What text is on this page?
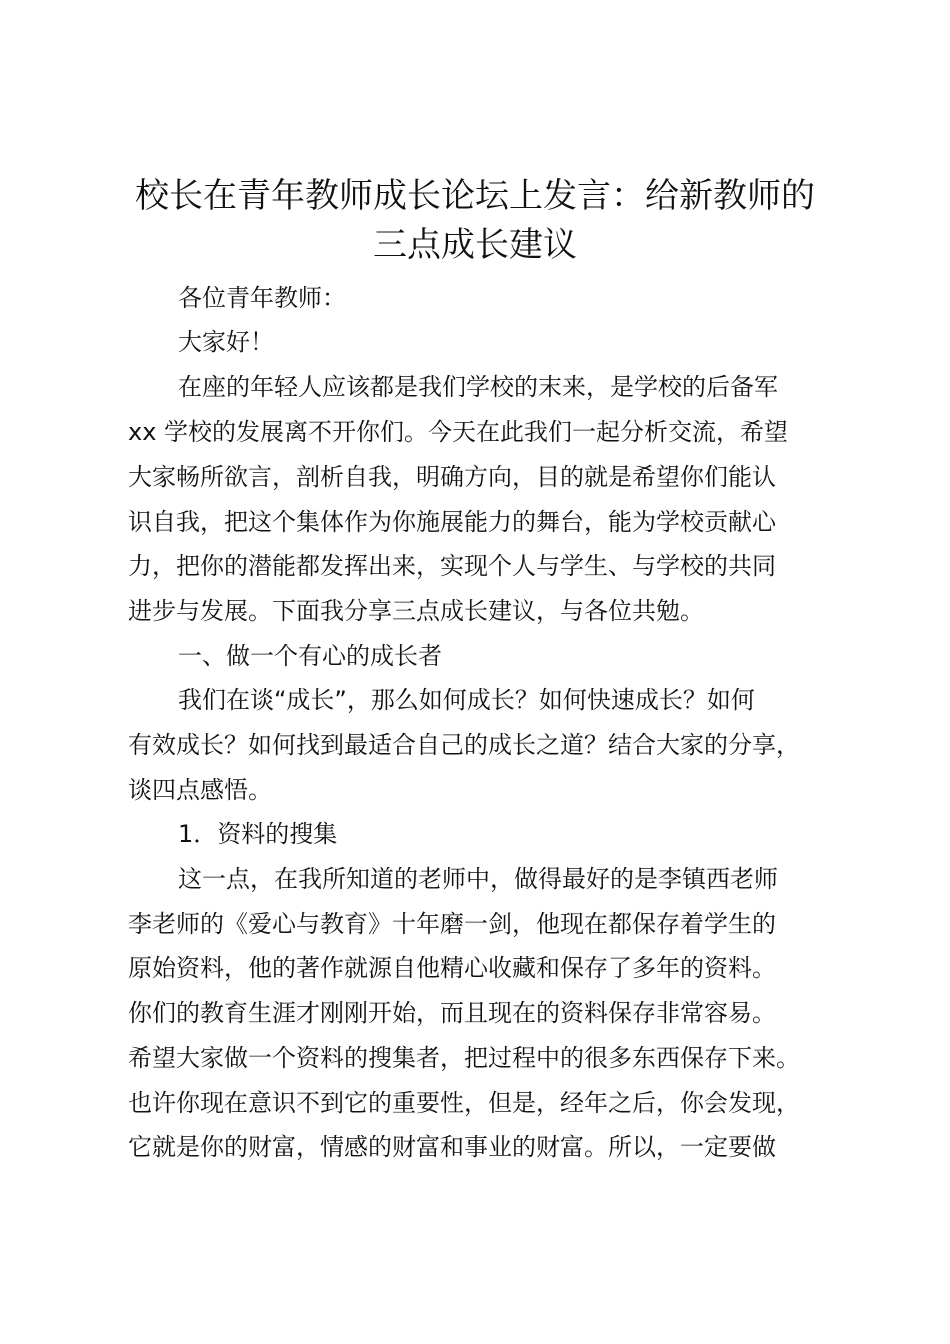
校长在青年教师成长论坛上发言：给新教师的
三点成长建议

各位青年教师：

大家好！

在座的年轻人应该都是我们学校的末来，是学校的后备军

xx 学校的发展离不开你们。今天在此我们一起分析交流，希望

大家畅所欲言，剖析自我，明确方向，目的就是希望你们能认

识自我，把这个集体作为你施展能力的舞台，能为学校贡献心

力，把你的潜能都发挥出来，实现个人与学生、与学校的共同

进步与发展。下面我分享三点成长建议，与各位共勉。

一、做一个有心的成长者

我们在谈“成长”，那么如何成长？如何快速成长？如何

有效成长？如何找到最适合自己的成长之道？结合大家的分享，

谈四点感悟。

1．资料的搜集

这一点，在我所知道的老师中，做得最好的是李镇西老师

李老师的《爱心与教育》十年磨一剑，他现在都保存着学生的

原始资料，他的著作就源自他精心收藏和保存了多年的资料。

你们的教育生涯才刚刚开始，而且现在的资料保存非常容易。

希望大家做一个资料的搜集者，把过程中的很多东西保存下来。

也许你现在意识不到它的重要性，但是，经年之后，你会发现，

它就是你的财富，情感的财富和事业的财富。所以，一定要做
